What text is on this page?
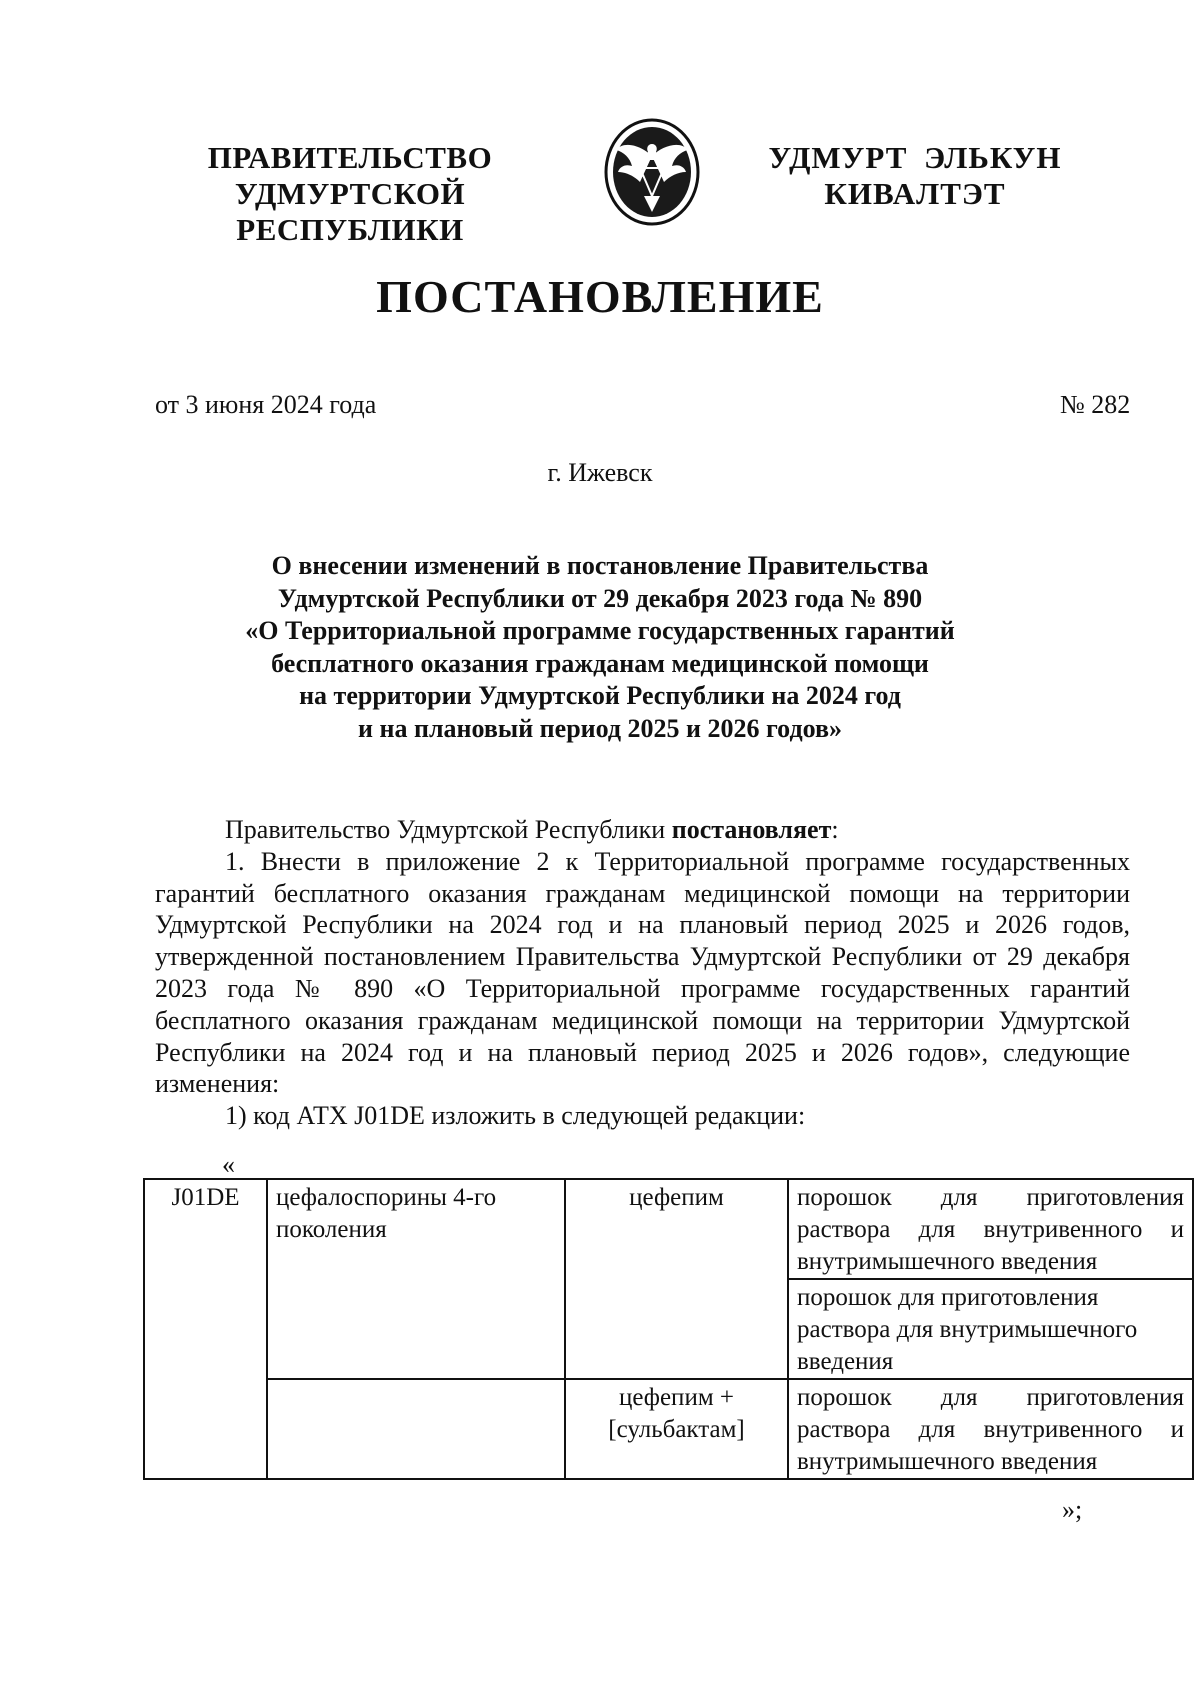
ПРАВИТЕЛЬСТВО
УДМУРТСКОЙ РЕСПУБЛИКИ
УДМУРТ ЭЛЬКУН
КИВАЛТЭТ
ПОСТАНОВЛЕНИЕ
от 3 июня 2024 года	№ 282
г. Ижевск
О внесении изменений в постановление Правительства
Удмуртской Республики от 29 декабря 2023 года № 890
«О Территориальной программе государственных гарантий
бесплатного оказания гражданам медицинской помощи
на территории Удмуртской Республики на 2024 год
и на плановый период 2025 и 2026 годов»

Правительство Удмуртской Республики постановляет:

1. Внести в приложение 2 к Территориальной программе государственных гарантий бесплатного оказания гражданам медицинской помощи на территории Удмуртской Республики на 2024 год и на плановый период 2025 и 2026 годов, утвержденной постановлением Правительства Удмуртской Республики от 29 декабря 2023 года № 890 «О Территориальной программе государственных гарантий бесплатного оказания гражданам медицинской помощи на территории Удмуртской Республики на 2024 год и на плановый период 2025 и 2026 годов», следующие изменения:

1) код АТХ J01DE изложить в следующей редакции:

«
J01DE	цефалоспорины 4-го поколения	цефепим	порошок для приготовления раствора для внутривенного и внутримышечного введения
			порошок для приготовления раствора для внутримышечного введения
		цефепим + [сульбактам]	порошок для приготовления раствора для внутривенного и внутримышечного введения
»;
